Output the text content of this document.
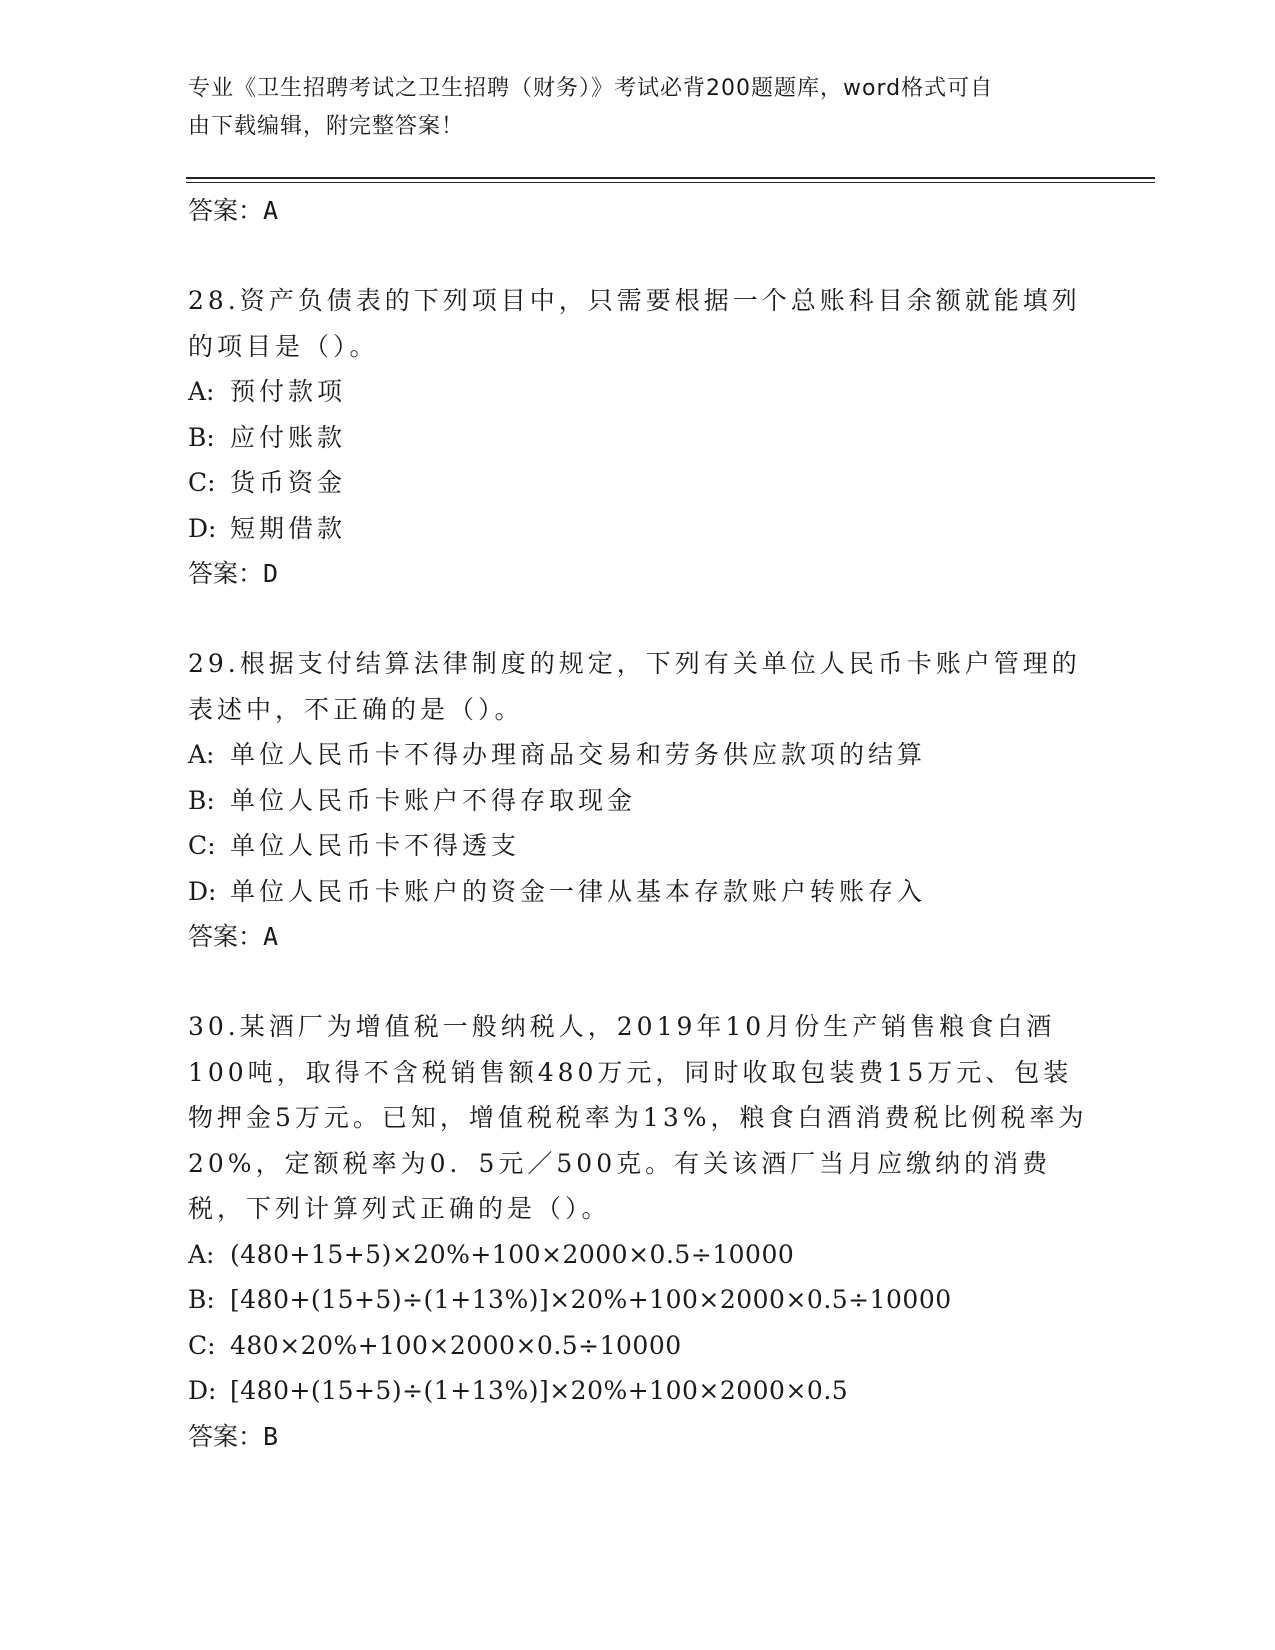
专业《卫生招聘考试之卫生招聘（财务）》考试必背200题题库，word格式可自
由下载编辑，附完整答案！
答案：A

28.资产负债表的下列项目中，只需要根据一个总账科目余额就能填列的项目是（）。

A: 预付款项
B: 应付账款
C: 货币资金
D: 短期借款
答案：D

29.根据支付结算法律制度的规定，下列有关单位人民币卡账户管理的表述中，不正确的是（）。

A: 单位人民币卡不得办理商品交易和劳务供应款项的结算
B: 单位人民币卡账户不得存取现金
C: 单位人民币卡不得透支
D: 单位人民币卡账户的资金一律从基本存款账户转账存入
答案：A

30.某酒厂为增值税一般纳税人，2019年10月份生产销售粮食白酒100吨，取得不含税销售额480万元，同时收取包装费15万元、包装物押金5万元。已知，增值税税率为13%，粮食白酒消费税比例税率为20%，定额税率为0．5元／500克。有关该酒厂当月应缴纳的消费税，下列计算列式正确的是（）。

A: (480+15+5)×20%+100×2000×0.5÷10000
B: [480+(15+5)÷(1+13%)]×20%+100×2000×0.5÷10000
C: 480×20%+100×2000×0.5÷10000
D: [480+(15+5)÷(1+13%)]×20%+100×2000×0.5
答案：B
